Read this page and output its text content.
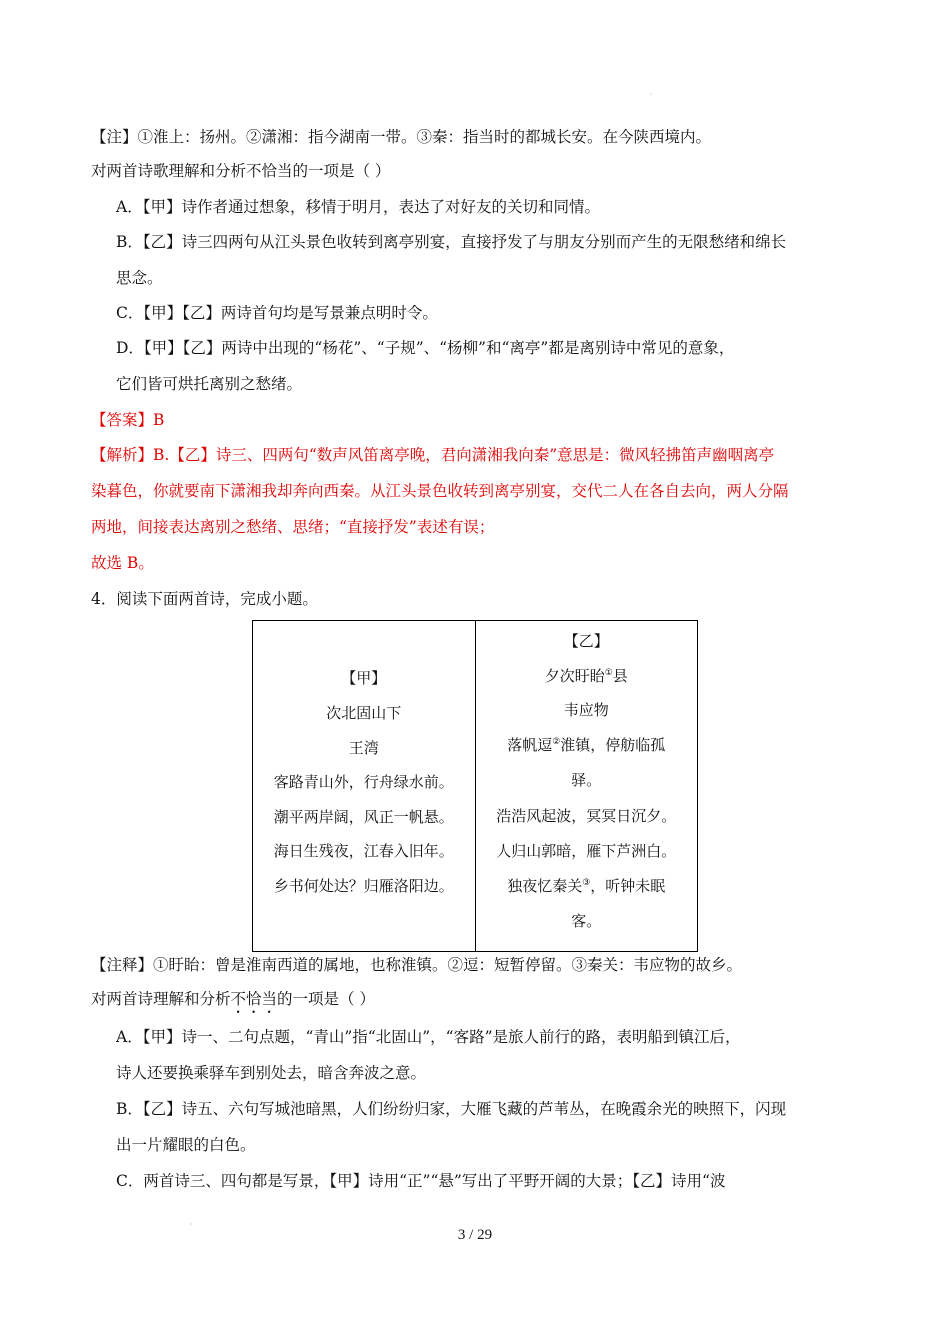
'
【注】①淮上：扬州。②潇湘：指今湖南一带。③秦：指当时的都城长安。在今陕西境内。
对两首诗歌理解和分析不恰当的一项是（ ）
A．【甲】诗作者通过想象，移情于明月，表达了对好友的关切和同情。
B．【乙】诗三四两句从江头景色收转到离亭别宴，直接抒发了与朋友分别而产生的无限愁绪和绵长
思念。
C．【甲】【乙】两诗首句均是写景兼点明时令。
D．【甲】【乙】两诗中出现的“杨花”、“子规”、“杨柳”和“离亭”都是离别诗中常见的意象，
它们皆可烘托离别之愁绪。
【答案】B
【解析】B.【乙】诗三、四两句“数声风笛离亭晚，君向潇湘我向秦”意思是：微风轻拂笛声幽咽离亭
染暮色，你就要南下潇湘我却奔向西秦。从江头景色收转到离亭别宴，交代二人在各自去向，两人分隔
两地，间接表达离别之愁绪、思绪；“直接抒发”表述有误；
故选 B。
4．阅读下面两首诗，完成小题。
【甲】
次北固山下
王湾
客路青山外，行舟绿水前。
潮平两岸阔，风正一帆悬。
海日生残夜，江春入旧年。
乡书何处达？归雁洛阳边。

【乙】
夕次盱眙①县
韦应物
落帆逗②淮镇，停舫临孤
驿。
浩浩风起波，冥冥日沉夕。
人归山郭暗，雁下芦洲白。
独夜忆秦关③，听钟未眠
客。
【注释】①盱眙：曾是淮南西道的属地，也称淮镇。②逗：短暂停留。③秦关：韦应物的故乡。
对两首诗理解和分析不恰当的一项是（ ）
A．【甲】诗一、二句点题，“青山”指“北固山”，“客路”是旅人前行的路，表明船到镇江后，
诗人还要换乘驿车到别处去，暗含奔波之意。
B．【乙】诗五、六句写城池暗黑，人们纷纷归家，大雁飞藏的芦苇丛，在晚霞余光的映照下，闪现
出一片耀眼的白色。
C．两首诗三、四句都是写景，【甲】诗用“正”“悬”写出了平野开阔的大景；【乙】诗用“波
'
3 / 29
